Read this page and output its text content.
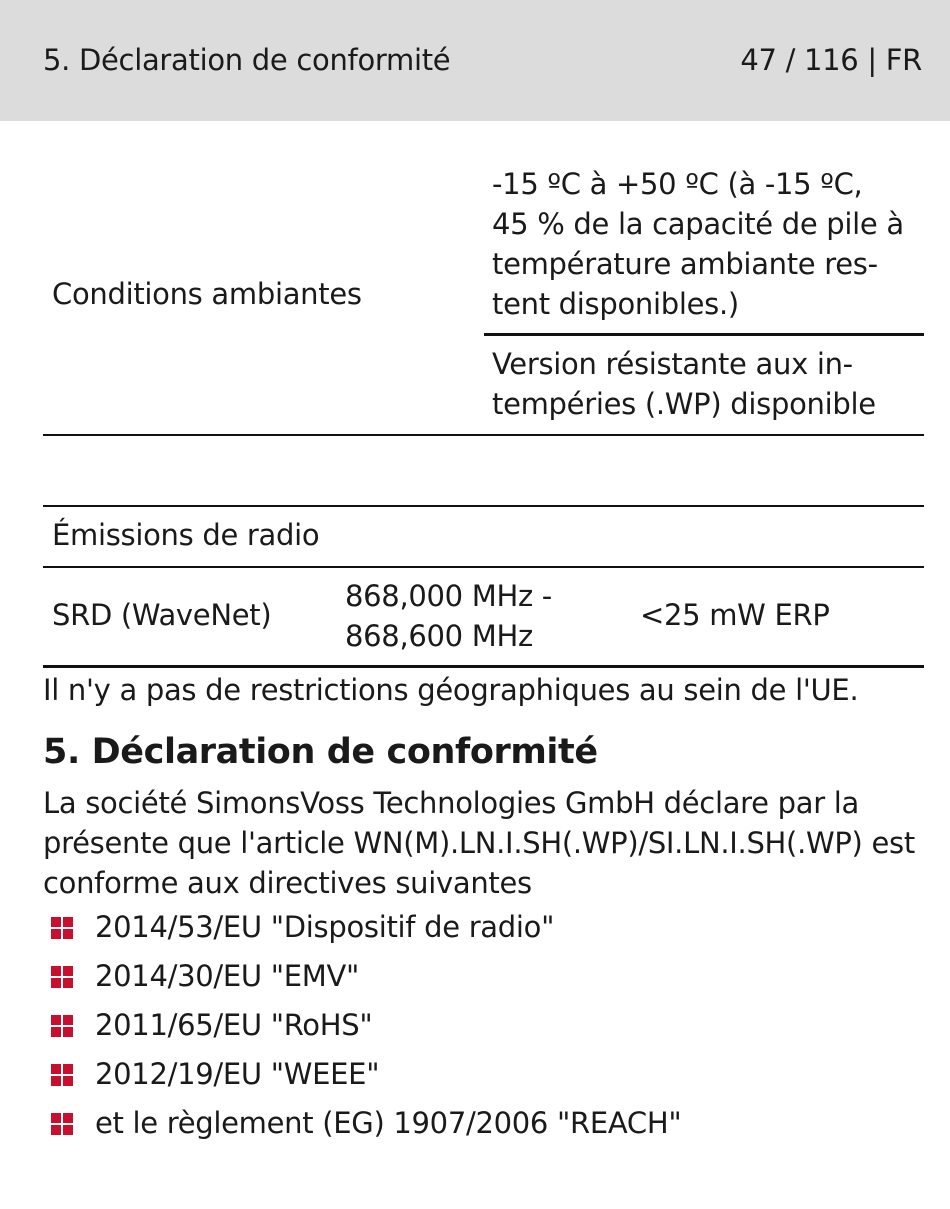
5. Déclaration de conformité	47 / 116 | FR
Conditions ambiantes
-15 ºC à +50 ºC (à -15 ºC,
45 % de la capacité de pile à
température ambiante res-
tent disponibles.)
Version résistante aux in-
tempéries (.WP) disponible
Émissions de radio
SRD (WaveNet)
868,000 MHz -
868,600 MHz
<25 mW ERP
Il n'y a pas de restrictions géographiques au sein de l'UE.
5. Déclaration de conformité
La société SimonsVoss Technologies GmbH déclare par la présente que l'article WN(M).LN.I.SH(.WP)/SI.LN.I.SH(.WP) est conforme aux directives suivantes
2014/53/EU "Dispositif de radio"
2014/30/EU "EMV"
2011/65/EU "RoHS"
2012/19/EU "WEEE"
et le règlement (EG) 1907/2006 "REACH"
